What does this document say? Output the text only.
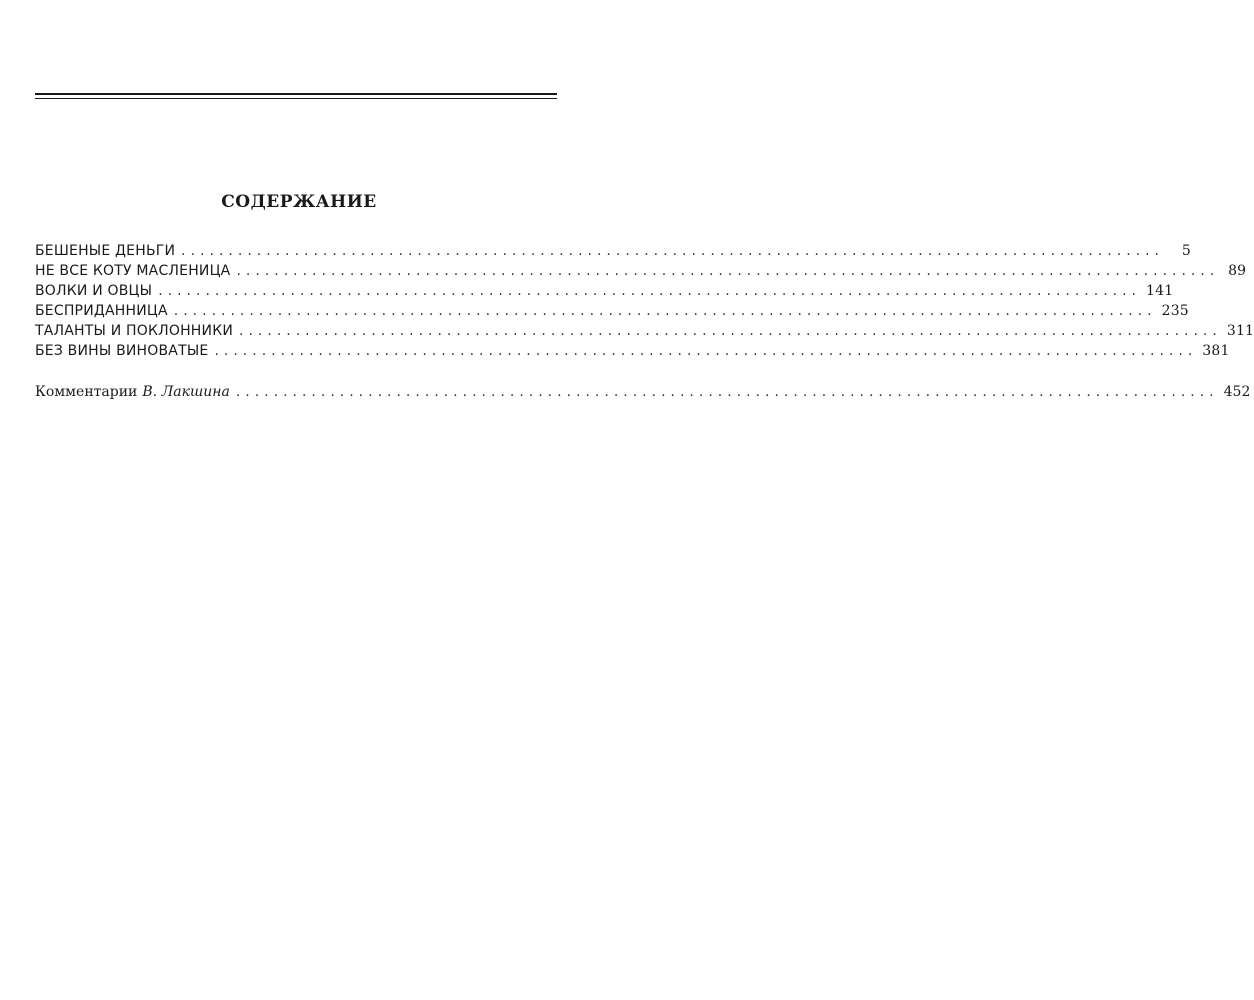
СОДЕРЖАНИЕ
БЕШЕНЫЕ ДЕНЬГИ ........................................................................................................	5
НЕ ВСЕ КОТУ МАСЛЕНИЦА ........................................................................................................ 89
ВОЛКИ И ОВЦЫ ........................................................................................................ 141
БЕСПРИДАННИЦА ........................................................................................................ 235
ТАЛАНТЫ И ПОКЛОННИКИ ........................................................................................................ 311
БЕЗ ВИНЫ ВИНОВАТЫЕ ........................................................................................................ 381
Комментарии В. Лакшина ........................................................................................................ 452
